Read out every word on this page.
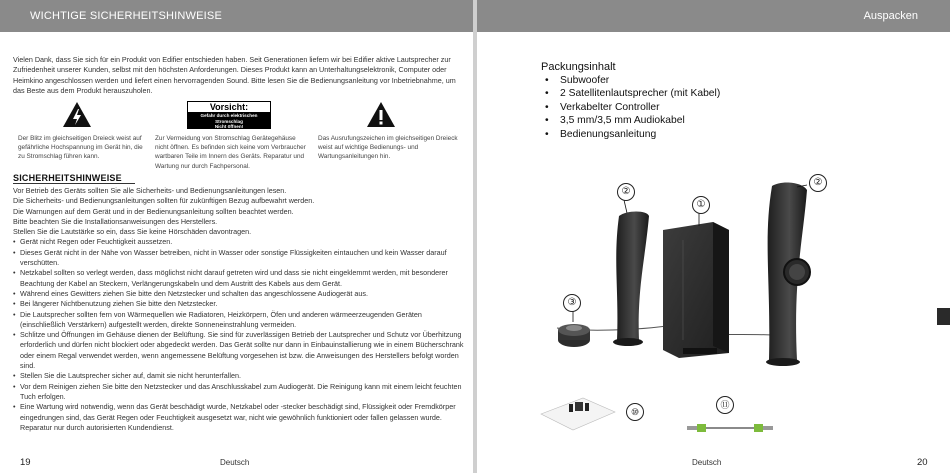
WICHTIGE SICHERHEITSHINWEISE

Vielen Dank, dass Sie sich für ein Produkt von Edifier entschieden haben. Seit Generationen liefern wir bei Edifier aktive Lautsprecher zur Zufriedenheit unserer Kunden, selbst mit den höchsten Anforderungen. Dieses Produkt kann an Unterhaltungselektronik, Computer oder Heimkino angeschlossen werden und liefert einen hervorragenden Sound. Bitte lesen Sie die Bedienungsanleitung vor Inbetriebnahme, um das Beste aus dem Produkt herauszuholen.

Der Blitz im gleichseitigen Dreieck weist auf gefährliche Hochspannung im Gerät hin, die zu Stromschlag führen kann.

Vorsicht:
Gefahr durch elektrischen
Stromschlag
Nicht öffnen!

Zur Vermeidung von Stromschlag Gerätegehäuse nicht öffnen. Es befinden sich keine vom Verbraucher wartbaren Teile im Innern des Geräts. Reparatur und Wartung nur durch Fachpersonal.

Das Ausrufungszeichen im gleichseitigen Dreieck weist auf wichtige Bedienungs- und Wartungsanleitungen hin.

SICHERHEITSHINWEISE

Vor Betrieb des Geräts sollten Sie alle Sicherheits- und Bedienungsanleitungen lesen.

Die Sicherheits- und Bedienungsanleitungen sollten für zukünftigen Bezug aufbewahrt werden.

Die Warnungen auf dem Gerät und in der Bedienungsanleitung sollten beachtet werden.

Bitte beachten Sie die Installationsanweisungen des Herstellers.

Stellen Sie die Lautstärke so ein, dass Sie keine Hörschäden davontragen.

• Gerät nicht Regen oder Feuchtigkeit aussetzen.
• Dieses Gerät nicht in der Nähe von Wasser betreiben, nicht in Wasser oder sonstige Flüssigkeiten eintauchen und kein Wasser darauf verschütten.
• Netzkabel sollten so verlegt werden, dass möglichst nicht darauf getreten wird und dass sie nicht eingeklemmt werden, mit besonderer Beachtung der Kabel an Steckern, Verlängerungskabeln und dem Austritt des Kabels aus dem Gerät.
• Während eines Gewitters ziehen Sie bitte den Netzstecker und schalten das angeschlossene Audiogerät aus.
• Bei längerer Nichtbenutzung ziehen Sie bitte den Netzstecker.
• Die Lautsprecher sollten fern von Wärmequellen wie Radiatoren, Heizkörpern, Öfen und anderen wärmeerzeugenden Geräten (einschließlich Verstärkern) aufgestellt werden, direkte Sonneneinstrahlung vermeiden.
• Schlitze und Öffnungen im Gehäuse dienen der Belüftung. Sie sind für zuverlässigen Betrieb der Lautsprecher und Schutz vor Überhitzung erforderlich und dürfen nicht blockiert oder abgedeckt werden. Das Gerät sollte nur dann in Einbauinstallierung wie in einem Bücherschrank oder einem Regal verwendet werden, wenn angemessene Belüftung vorgesehen ist bzw. die Anweisungen des Herstellers befolgt worden sind.
• Stellen Sie die Lautsprecher sicher auf, damit sie nicht herunterfallen.
• Vor dem Reinigen ziehen Sie bitte den Netzstecker und das Anschlusskabel zum Audiogerät. Die Reinigung kann mit einem leicht feuchten Tuch erfolgen.
• Eine Wartung wird notwendig, wenn das Gerät beschädigt wurde, Netzkabel oder -stecker beschädigt sind, Flüssigkeit oder Fremdkörper eingedrungen sind, das Gerät Regen oder Feuchtigkeit ausgesetzt war, nicht wie gewöhnlich funktioniert oder fallen gelassen wurde. Reparatur nur durch autorisierten Kundendienst.
19	Deutsch
Auspacken
Packungsinhalt
• Subwoofer
• 2 Satellitenlautsprecher (mit Kabel)
• Verkabelter Controller
• 3,5 mm/3,5 mm Audiokabel
• Bedienungsanleitung
②
①
②
③
⑩
⑪
Deutsch	20
